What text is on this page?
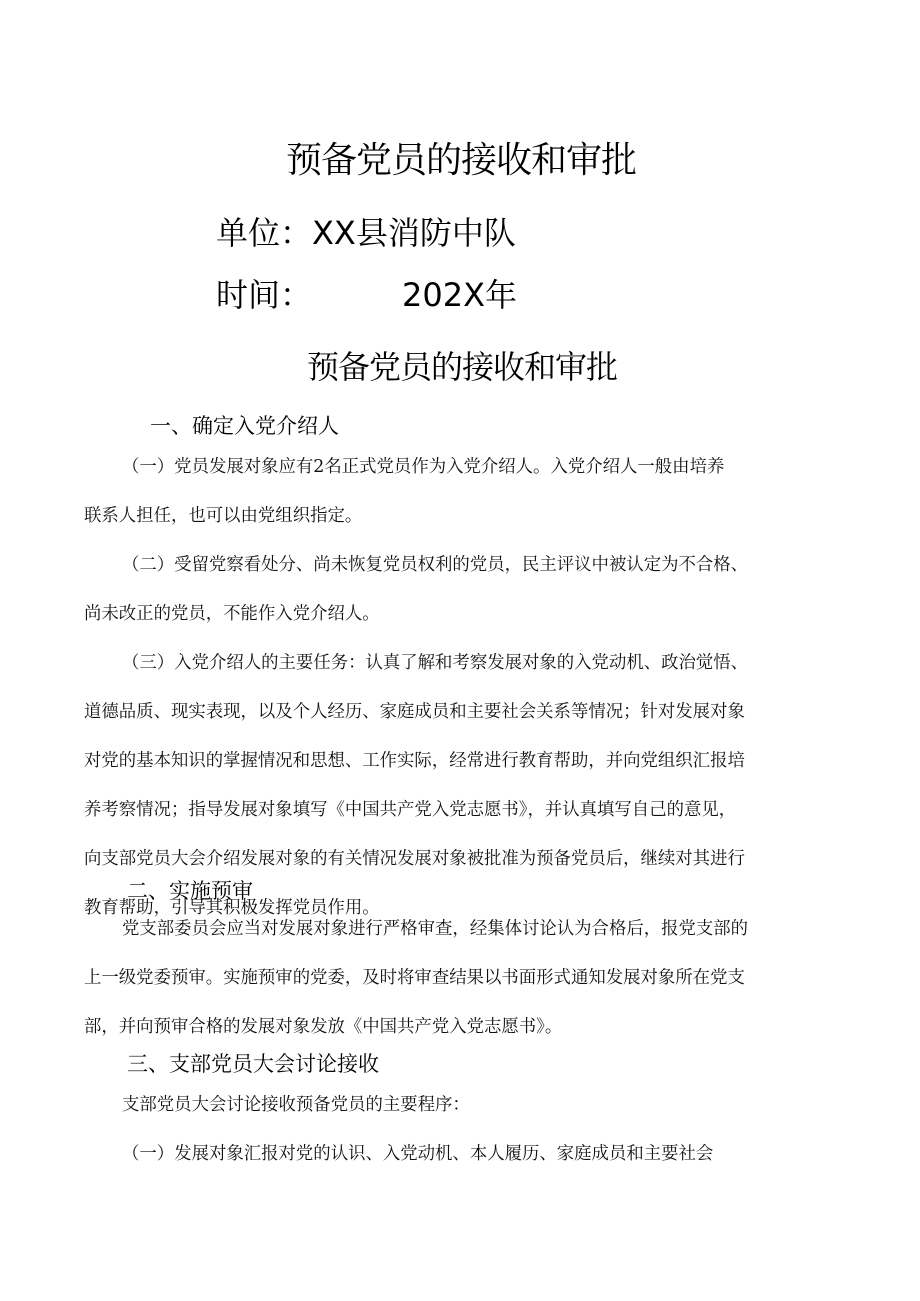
预备党员的接收和审批
单位：XX县消防中队
时间：	202X年
预备党员的接收和审批
一、确定入党介绍人
（一）党员发展对象应有2名正式党员作为入党介绍人。入党介绍人一般由培养
联系人担任，也可以由党组织指定。
（二）受留党察看处分、尚未恢复党员权利的党员，民主评议中被认定为不合格、
尚未改正的党员，不能作入党介绍人。
（三）入党介绍人的主要任务：认真了解和考察发展对象的入党动机、政治觉悟、
道德品质、现实表现，以及个人经历、家庭成员和主要社会关系等情况；针对发展对象
对党的基本知识的掌握情况和思想、工作实际，经常进行教育帮助，并向党组织汇报培
养考察情况；指导发展对象填写《中国共产党入党志愿书》，并认真填写自己的意见，
向支部党员大会介绍发展对象的有关情况发展对象被批准为预备党员后，继续对其进行
教育帮助，引导其积极发挥党员作用。
二、实施预审
党支部委员会应当对发展对象进行严格审查，经集体讨论认为合格后，报党支部的
上一级党委预审。实施预审的党委，及时将审查结果以书面形式通知发展对象所在党支
部，并向预审合格的发展对象发放《中国共产党入党志愿书》。
三、支部党员大会讨论接收
支部党员大会讨论接收预备党员的主要程序：
（一）发展对象汇报对党的认识、入党动机、本人履历、家庭成员和主要社会
